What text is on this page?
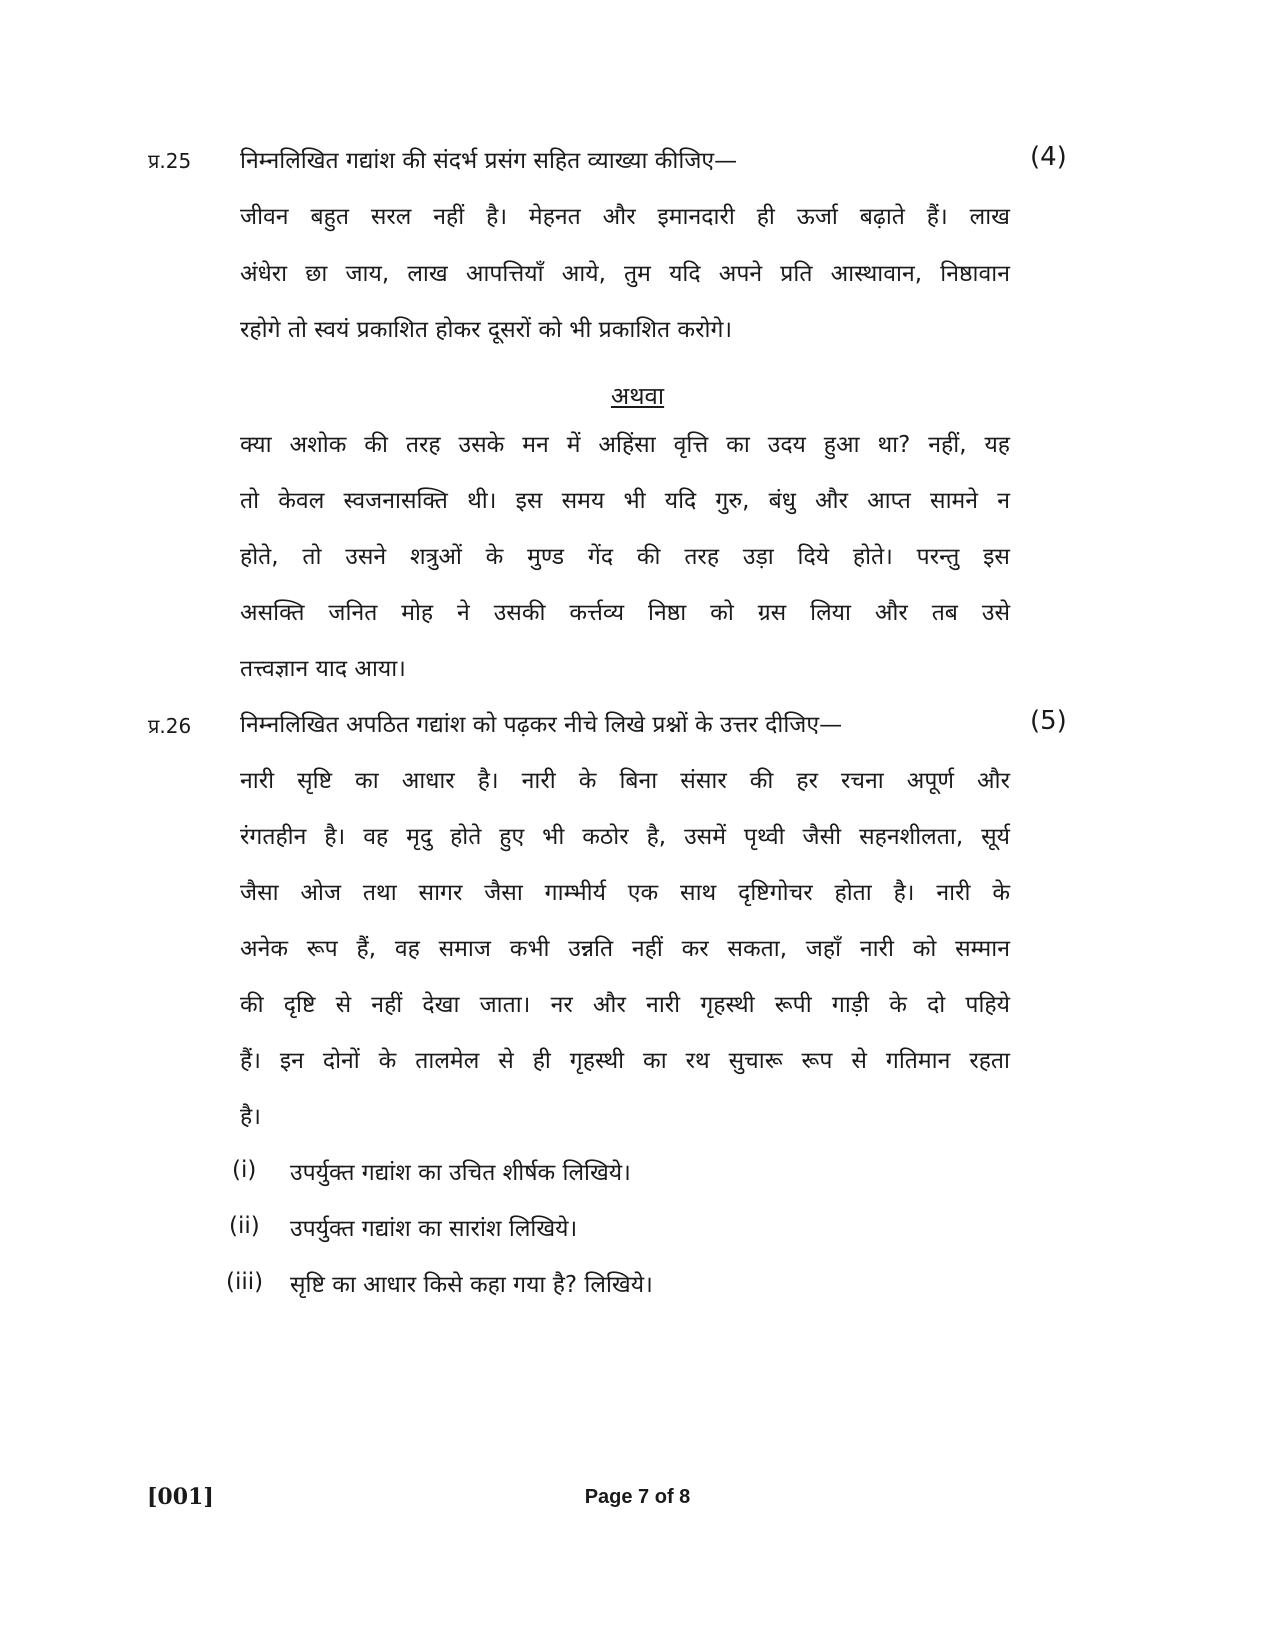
प्र.25 निम्नलिखित गद्यांश की संदर्भ प्रसंग सहित व्याख्या कीजिए—	(4)
जीवन बहुत सरल नहीं है। मेहनत और इमानदारी ही ऊर्जा बढ़ाते हैं। लाख
अंधेरा छा जाय, लाख आपत्तियाँ आये, तुम यदि अपने प्रति आस्थावान, निष्ठावान
रहोगे तो स्वयं प्रकाशित होकर दूसरों को भी प्रकाशित करोगे।
अथवा
क्या अशोक की तरह उसके मन में अहिंसा वृत्ति का उदय हुआ था? नहीं, यह
तो केवल स्वजनासक्ति थी। इस समय भी यदि गुरु, बंधु और आप्त सामने न
होते, तो उसने शत्रुओं के मुण्ड गेंद की तरह उड़ा दिये होते। परन्तु इस
असक्ति जनित मोह ने उसकी कर्त्तव्य निष्ठा को ग्रस लिया और तब उसे
तत्त्वज्ञान याद आया।
प्र.26 निम्नलिखित अपठित गद्यांश को पढ़कर नीचे लिखे प्रश्नों के उत्तर दीजिए—	(5)
नारी सृष्टि का आधार है। नारी के बिना संसार की हर रचना अपूर्ण और
रंगतहीन है। वह मृदु होते हुए भी कठोर है, उसमें पृथ्वी जैसी सहनशीलता, सूर्य
जैसा ओज तथा सागर जैसा गाम्भीर्य एक साथ दृष्टिगोचर होता है। नारी के
अनेक रूप हैं, वह समाज कभी उन्नति नहीं कर सकता, जहाँ नारी को सम्मान
की दृष्टि से नहीं देखा जाता। नर और नारी गृहस्थी रूपी गाड़ी के दो पहिये
हैं। इन दोनों के तालमेल से ही गृहस्थी का रथ सुचारू रूप से गतिमान रहता
है।
(i) उपर्युक्त गद्यांश का उचित शीर्षक लिखिये।
(ii) उपर्युक्त गद्यांश का सारांश लिखिये।
(iii) सृष्टि का आधार किसे कहा गया है? लिखिये।
[001]	Page 7 of 8
